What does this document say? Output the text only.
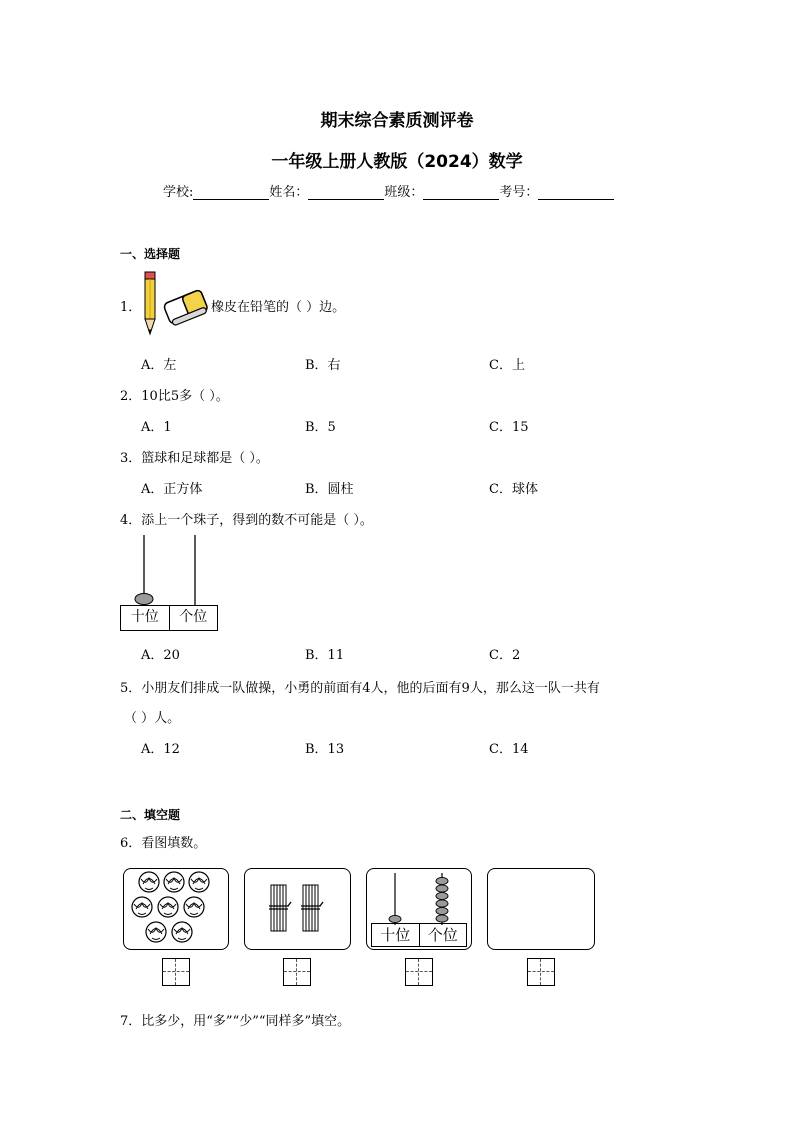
期末综合素质测评卷
一年级上册人教版（2024）数学
学校:	姓名：	班级：	考号：
一、选择题
1．	橡皮在铅笔的（ ）边。
A．左	B．右	C．上
2．10比5多（ ）。
A．1	B．5	C．15
3．篮球和足球都是（ ）。
A．正方体	B．圆柱	C．球体
4．添上一个珠子，得到的数不可能是（ ）。
十位	个位
A．20	B．11	C．2
5．小朋友们排成一队做操，小勇的前面有4人，他的后面有9人，那么这一队一共有
（ ）人。
A．12	B．13	C．14
二、填空题
6．看图填数。
十位	个位
7．比多少，用“多”“少”“同样多”填空。
